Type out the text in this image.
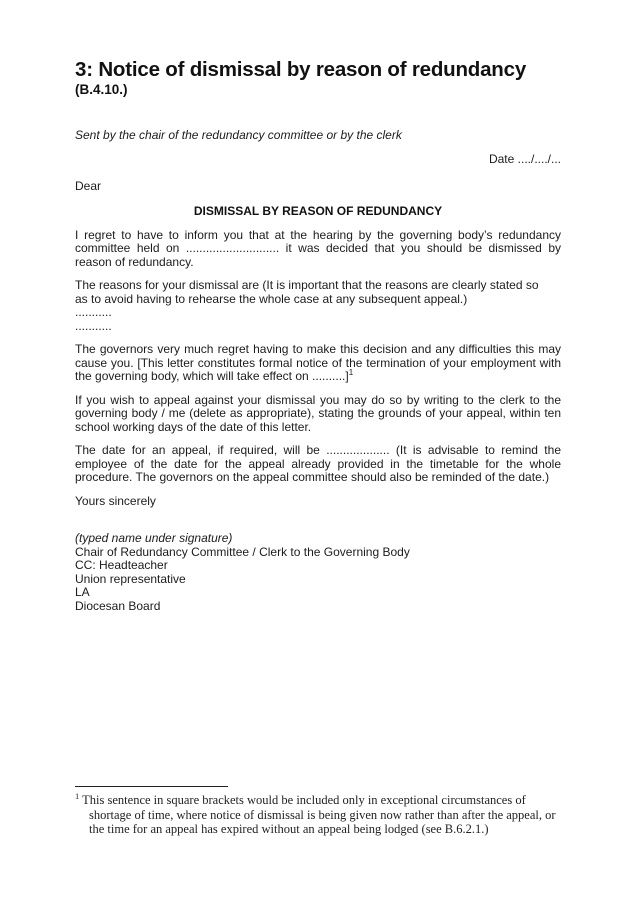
3: Notice of dismissal by reason of redundancy
(B.4.10.)

Sent by the chair of the redundancy committee or by the clerk

Date ..../..../...
Dear
DISMISSAL BY REASON OF REDUNDANCY

I regret to have to inform you that at the hearing by the governing body’s redundancy committee held on ............................ it was decided that you should be dismissed by reason of redundancy.

The reasons for your dismissal are (It is important that the reasons are clearly stated so
as to avoid having to rehearse the whole case at any subsequent appeal.)
...........
...........

The governors very much regret having to make this decision and any difficulties this may cause you. [This letter constitutes formal notice of the termination of your employment with the governing body, which will take effect on ..........]$^1$

If you wish to appeal against your dismissal you may do so by writing to the clerk to the governing body / me (delete as appropriate), stating the grounds of your appeal, within ten school working days of the date of this letter.

The date for an appeal, if required, will be ................... (It is advisable to remind the employee of the date for the appeal already provided in the timetable for the whole procedure. The governors on the appeal committee should also be reminded of the date.)

Yours sincerely
(typed name under signature)
Chair of Redundancy Committee / Clerk to the Governing Body
CC: Headteacher
Union representative
LA
Diocesan Board
$^1$ This sentence in square brackets would be included only in exceptional circumstances of shortage of time, where notice of dismissal is being given now rather than after the appeal, or the time for an appeal has expired without an appeal being lodged (see B.6.2.1.)
